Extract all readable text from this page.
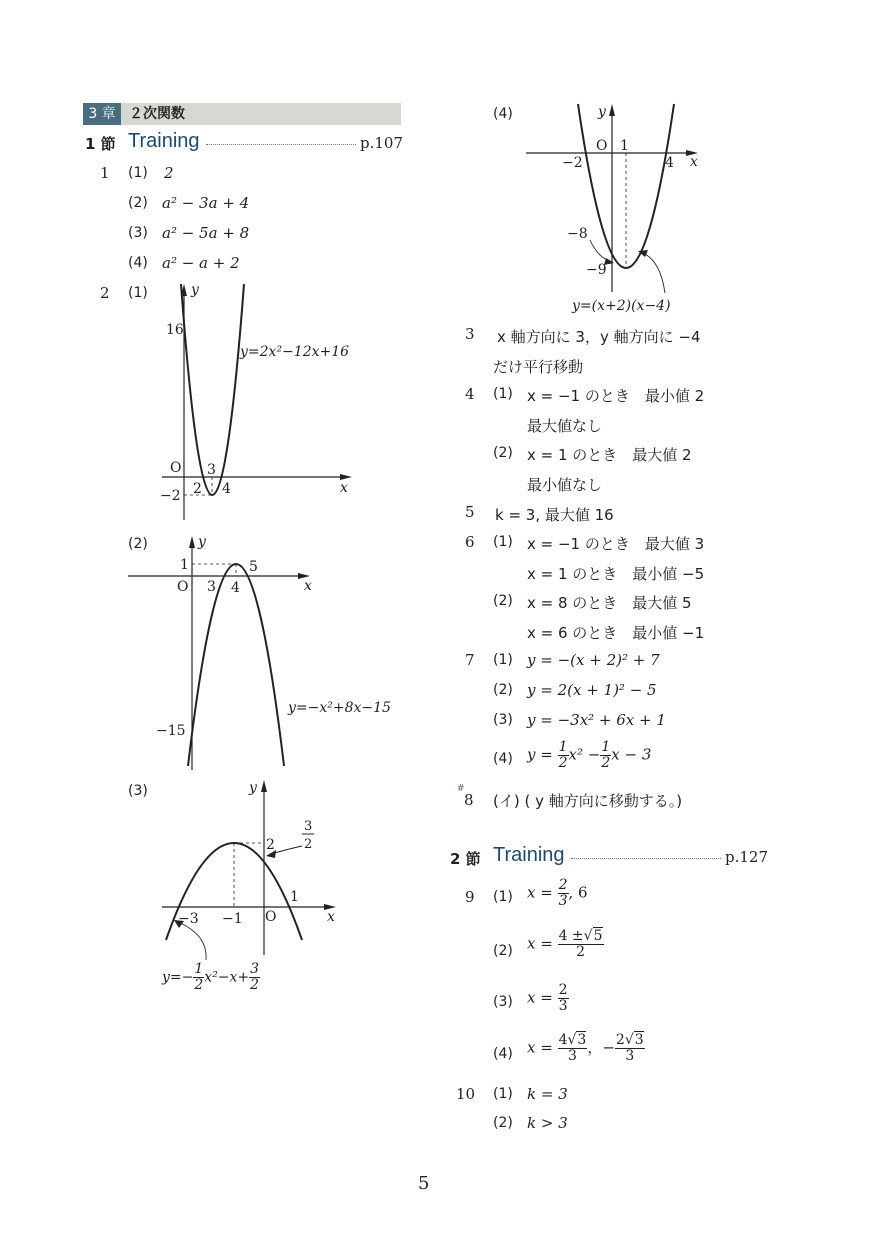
3 章 ２次関数
1 節 Training	p.107
1 (1) 2
(2) a² − 3a + 4
(3) a² − 5a + 8
(4) a² − a + 2
2 (1)
(2)
(3)
y
x
16
y=2x²−12x+16
O 3
2 4
−2
y
x
1	5
O 3 4
−15
y=−x²+8x−15
y
x
2
1
−3 −1 O
3
2
$y=- \frac{1}{2} x^2-x+ \frac{3}{2}$
(4)	y
x
O 1
−2	4
−8
−9
y=(x+2)(x−4)
3 x 軸方向に 3，y 軸方向に −4
だけ平行移動
4 (1) x = −1 のとき　最小値 2
最大値なし
(2) x = 1 のとき　最大値 2
最小値なし
5 k = 3, 最大値 16
6 (1) x = −1 のとき　最大値 3
x = 1 のとき　最小値 −5
(2) x = 8 のとき　最大値 5
x = 6 のとき　最小値 −1
7 (1) y = −(x + 2)² + 7
(2) y = 2(x + 1)² − 5
(3) y = −3x² + 6x + 1
(4) $y = \frac{1}{2} x^2 - \frac{1}{2}$ x − 3
#
8 (イ) ( y 軸方向に移動する。)
2 節 Training	p.127
9 (1) $x = \frac{2}{3}$ , 6
(2) $x = \frac{4 \pm√5}{2}$
(3) $x = \frac{2}{3}$
(4) $x = \frac{4√3}{3}$ ，− $\frac{2√3}{3}$
10 (1) k = 3
(2) k > 3
5
